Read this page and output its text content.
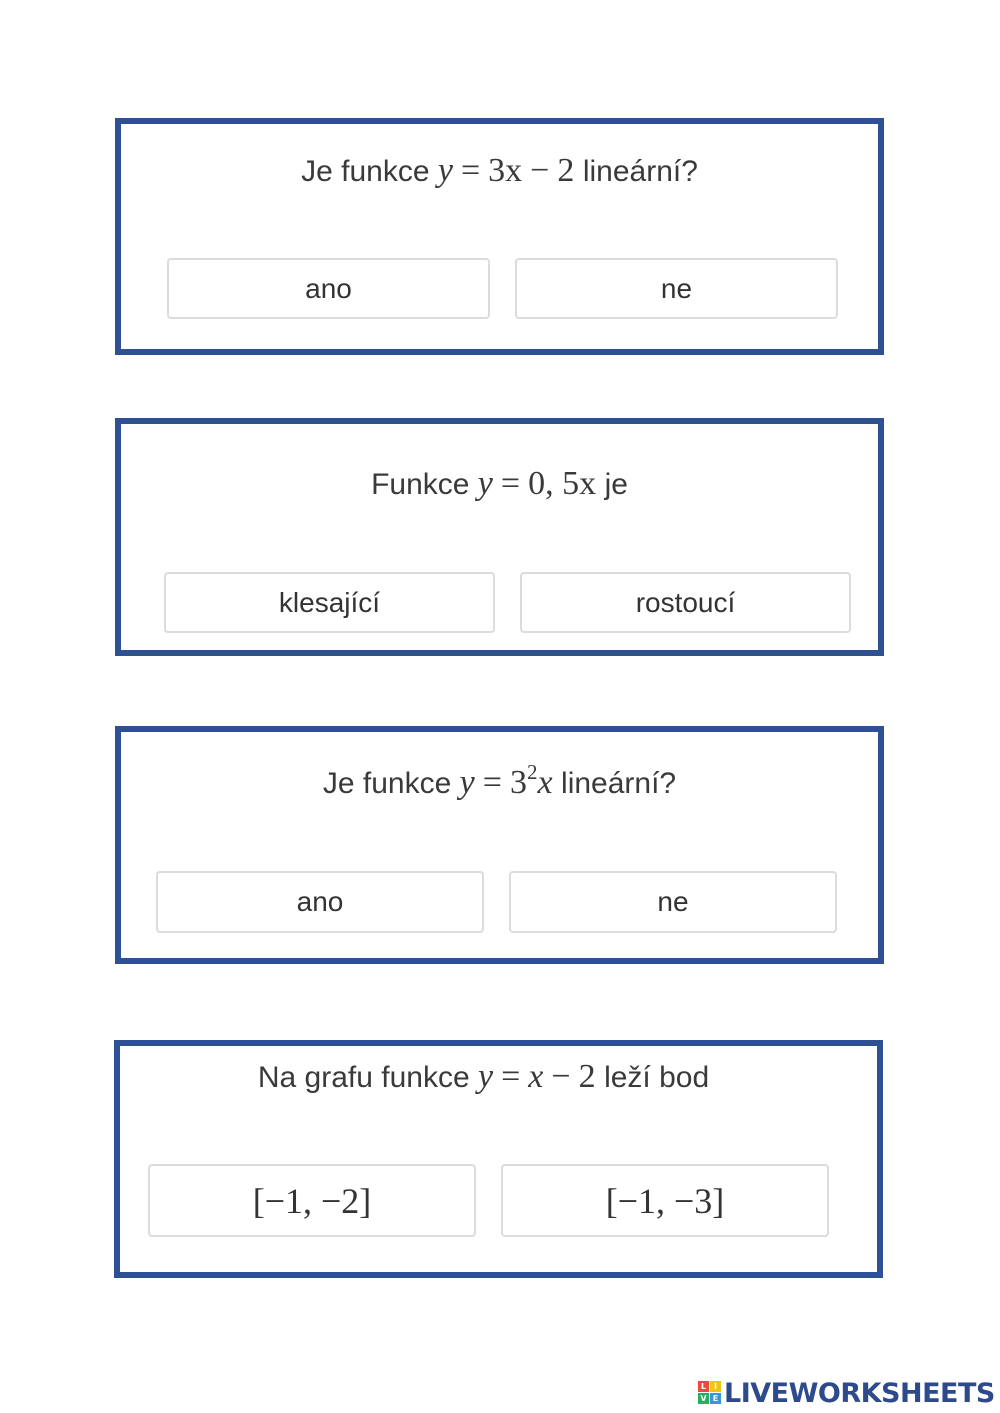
Je funkce y = 3x − 2 lineární?
ano	ne
Funkce y = 0, 5x je
klesající	rostoucí
Je funkce $y = 3^2x$ lineární?
ano	ne
Na grafu funkce y = x − 2 leží bod
[−1, −2]	[−1, −3]
L I
V E LIVEWORKSHEETS
